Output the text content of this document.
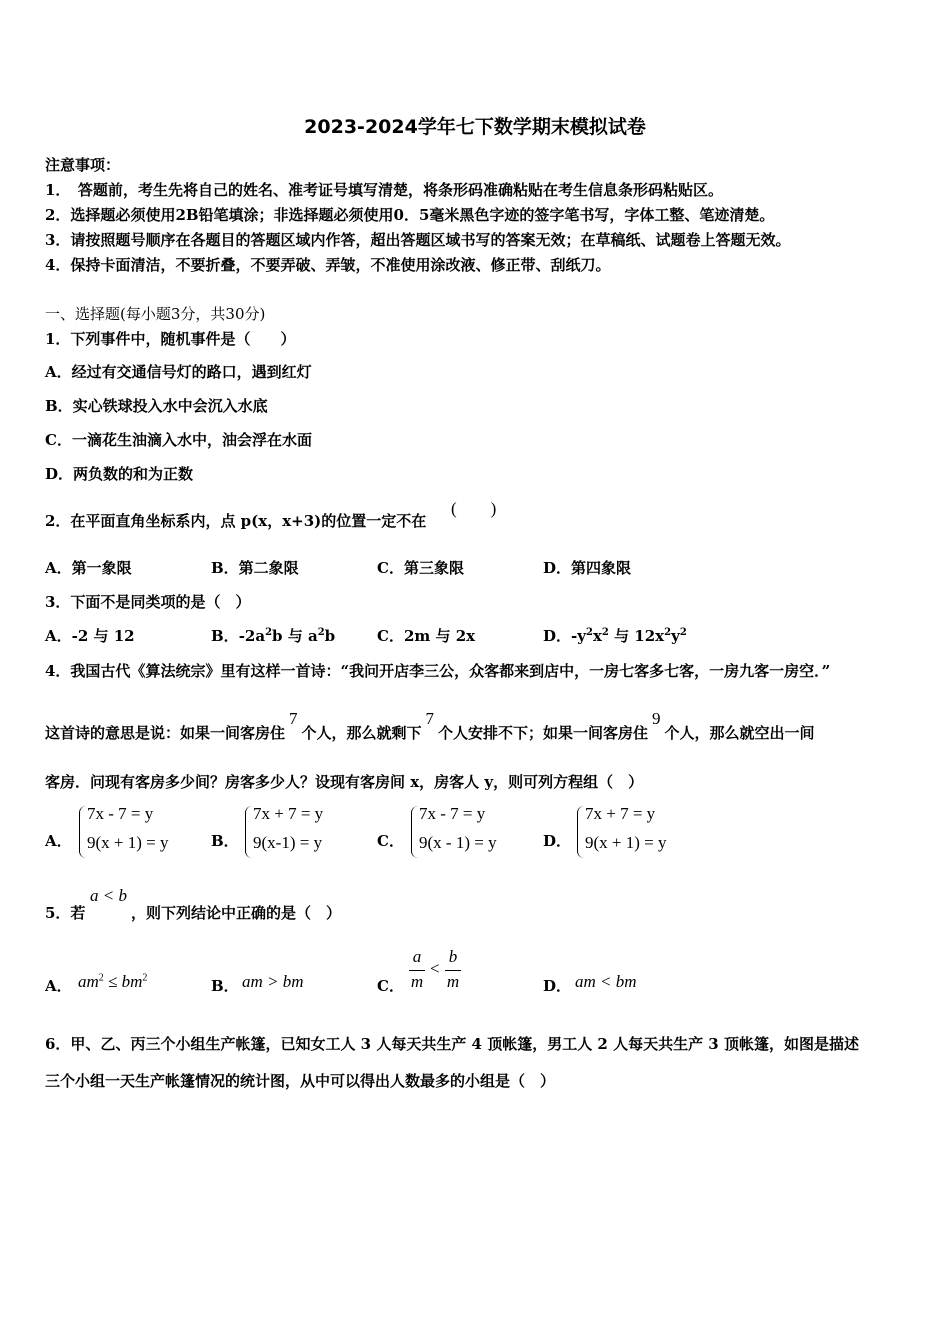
2023-2024学年七下数学期末模拟试卷
注意事项：
1．　答题前，考生先将自己的姓名、准考证号填写清楚，将条形码准确粘贴在考生信息条形码粘贴区。
2．选择题必须使用2B铅笔填涂；非选择题必须使用0．5毫米黑色字迹的签字笔书写，字体工整、笔迹清楚。
3．请按照题号顺序在各题目的答题区域内作答，超出答题区域书写的答案无效；在草稿纸、试题卷上答题无效。
4．保持卡面清洁，不要折叠，不要弄破、弄皱，不准使用涂改液、修正带、刮纸刀。
一、选择题(每小题3分，共30分)
1．下列事件中，随机事件是（　　）
A．经过有交通信号灯的路口，遇到红灯
B．实心铁球投入水中会沉入水底
C．一滴花生油滴入水中，油会浮在水面
D．两负数的和为正数
2．在平面直角坐标系内，点 p(x，x+3)的位置一定不在
(　　)
A．第一象限	B．第二象限	C．第三象限	D．第四象限
3．下面不是同类项的是（　）
A．-2 与 12	B．$-2a^2b$ 与 $a^2b$	C．2m 与 2x	D．$-y^2x^2$ 与 $12x^2y^2$
4．我国古代《算法统宗》里有这样一首诗：“我问开店李三公，众客都来到店中，一房七客多七客，一房九客一房空．”
这首诗的意思是说：如果一间客房住7个人，那么就剩下7个人安排不下；如果一间客房住9个人，那么就空出一间
客房．问现有客房多少间？房客多少人？设现有客房间 x，房客人 y，则可列方程组（　）
A．
7x - 7 = y
9(x + 1) = y	B．
7x + 7 = y
9(x-1) = y	C．
7x - 7 = y
9(x - 1) = y	D．
7x + 7 = y
9(x + 1) = y
5．若
a < b
，则下列结论中正确的是（　）
A． $am^2 \le bm^2$	B． am > bm	C．
a
m
<
b
m	D． am < bm
6．甲、乙、丙三个小组生产帐篷，已知女工人 3 人每天共生产 4 顶帐篷，男工人 2 人每天共生产 3 顶帐篷，如图是描述
三个小组一天生产帐篷情况的统计图，从中可以得出人数最多的小组是（　）
